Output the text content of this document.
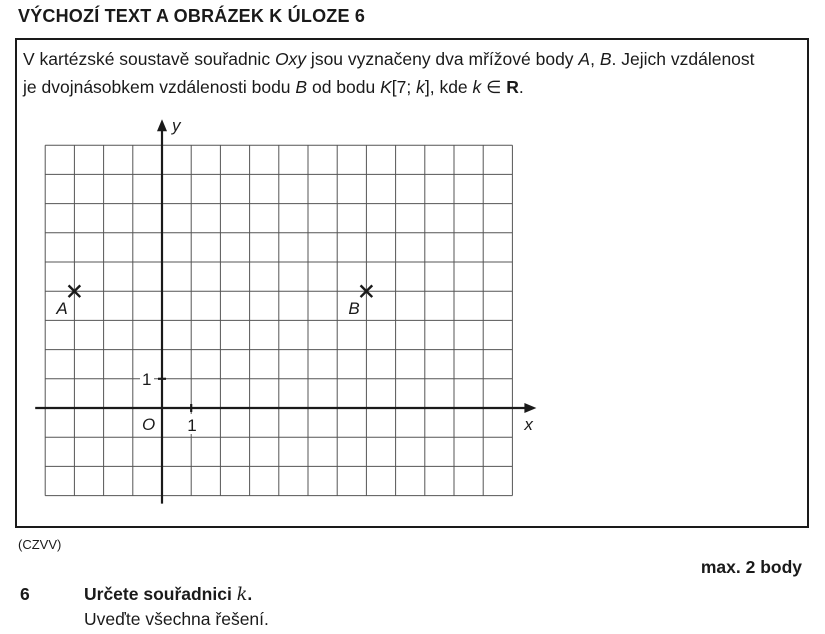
VÝCHOZÍ TEXT A OBRÁZEK K ÚLOZE 6
V kartézské soustavě souřadnic Oxy jsou vyznačeny dva mřížové body A, B. Jejich vzdálenost
je dvojnásobkem vzdálenosti bodu B od bodu K[7; k], kde k ∈ R.
x
y
O 1
1
A	B
(CZVV)
max. 2 body
6	Určete souřadnici k.
Uveďte všechna řešení.
